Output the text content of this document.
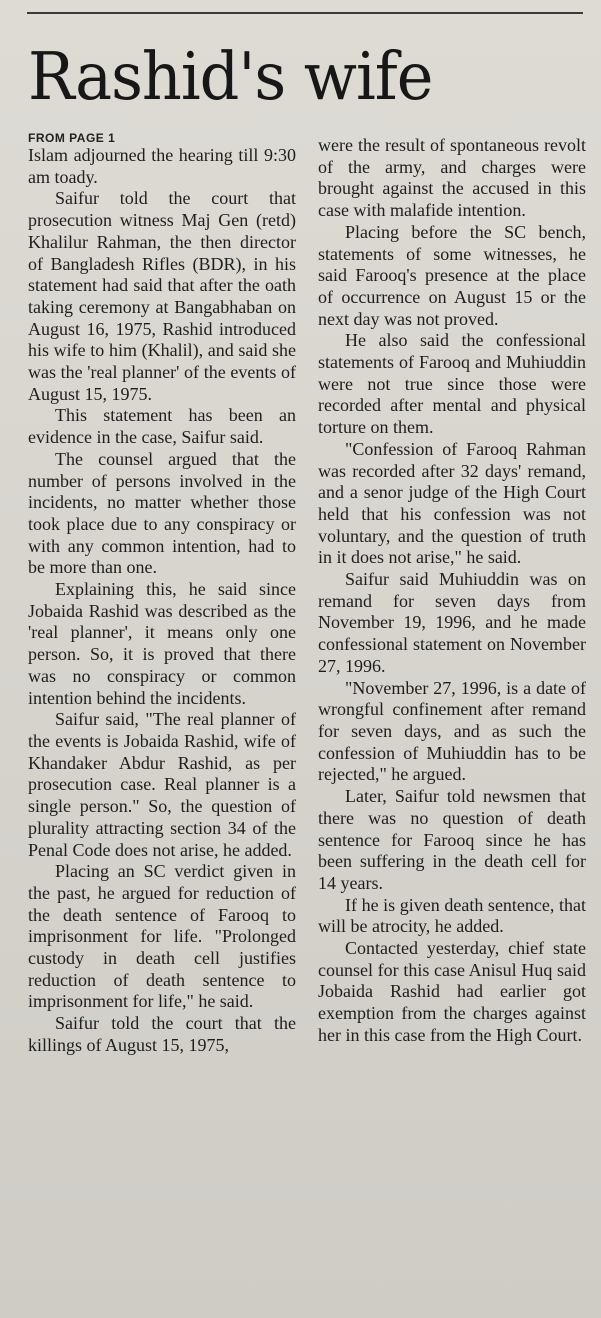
Rashid's wife
FROM PAGE 1

Islam adjourned the hearing till 9:30 am toady.

Saifur told the court that prosecution witness Maj Gen (retd) Khalilur Rahman, the then director of Bangladesh Rifles (BDR), in his statement had said that after the oath taking ceremony at Bangabhaban on August 16, 1975, Rashid introduced his wife to him (Khalil), and said she was the 'real planner' of the events of August 15, 1975.

This statement has been an evidence in the case, Saifur said.

The counsel argued that the number of persons involved in the incidents, no matter whether those took place due to any conspiracy or with any common intention, had to be more than one.

Explaining this, he said since Jobaida Rashid was described as the 'real planner', it means only one person. So, it is proved that there was no conspiracy or common intention behind the incidents.

Saifur said, "The real planner of the events is Jobaida Rashid, wife of Khandaker Abdur Rashid, as per prosecution case. Real planner is a single person." So, the question of plurality attracting section 34 of the Penal Code does not arise, he added.

Placing an SC verdict given in the past, he argued for reduction of the death sentence of Farooq to imprisonment for life. "Prolonged custody in death cell justifies reduction of death sentence to imprisonment for life," he said.

Saifur told the court that the killings of August 15, 1975,

were the result of spontaneous revolt of the army, and charges were brought against the accused in this case with malafide intention.

Placing before the SC bench, statements of some witnesses, he said Farooq's presence at the place of occurrence on August 15 or the next day was not proved.

He also said the confessional statements of Farooq and Muhiuddin were not true since those were recorded after mental and physical torture on them.

"Confession of Farooq Rahman was recorded after 32 days' remand, and a senor judge of the High Court held that his confession was not voluntary, and the question of truth in it does not arise," he said.

Saifur said Muhiuddin was on remand for seven days from November 19, 1996, and he made confessional statement on November 27, 1996.

"November 27, 1996, is a date of wrongful confinement after remand for seven days, and as such the confession of Muhiuddin has to be rejected," he argued.

Later, Saifur told newsmen that there was no question of death sentence for Farooq since he has been suffering in the death cell for 14 years.

If he is given death sentence, that will be atrocity, he added.

Contacted yesterday, chief state counsel for this case Anisul Huq said Jobaida Rashid had earlier got exemption from the charges against her in this case from the High Court.
